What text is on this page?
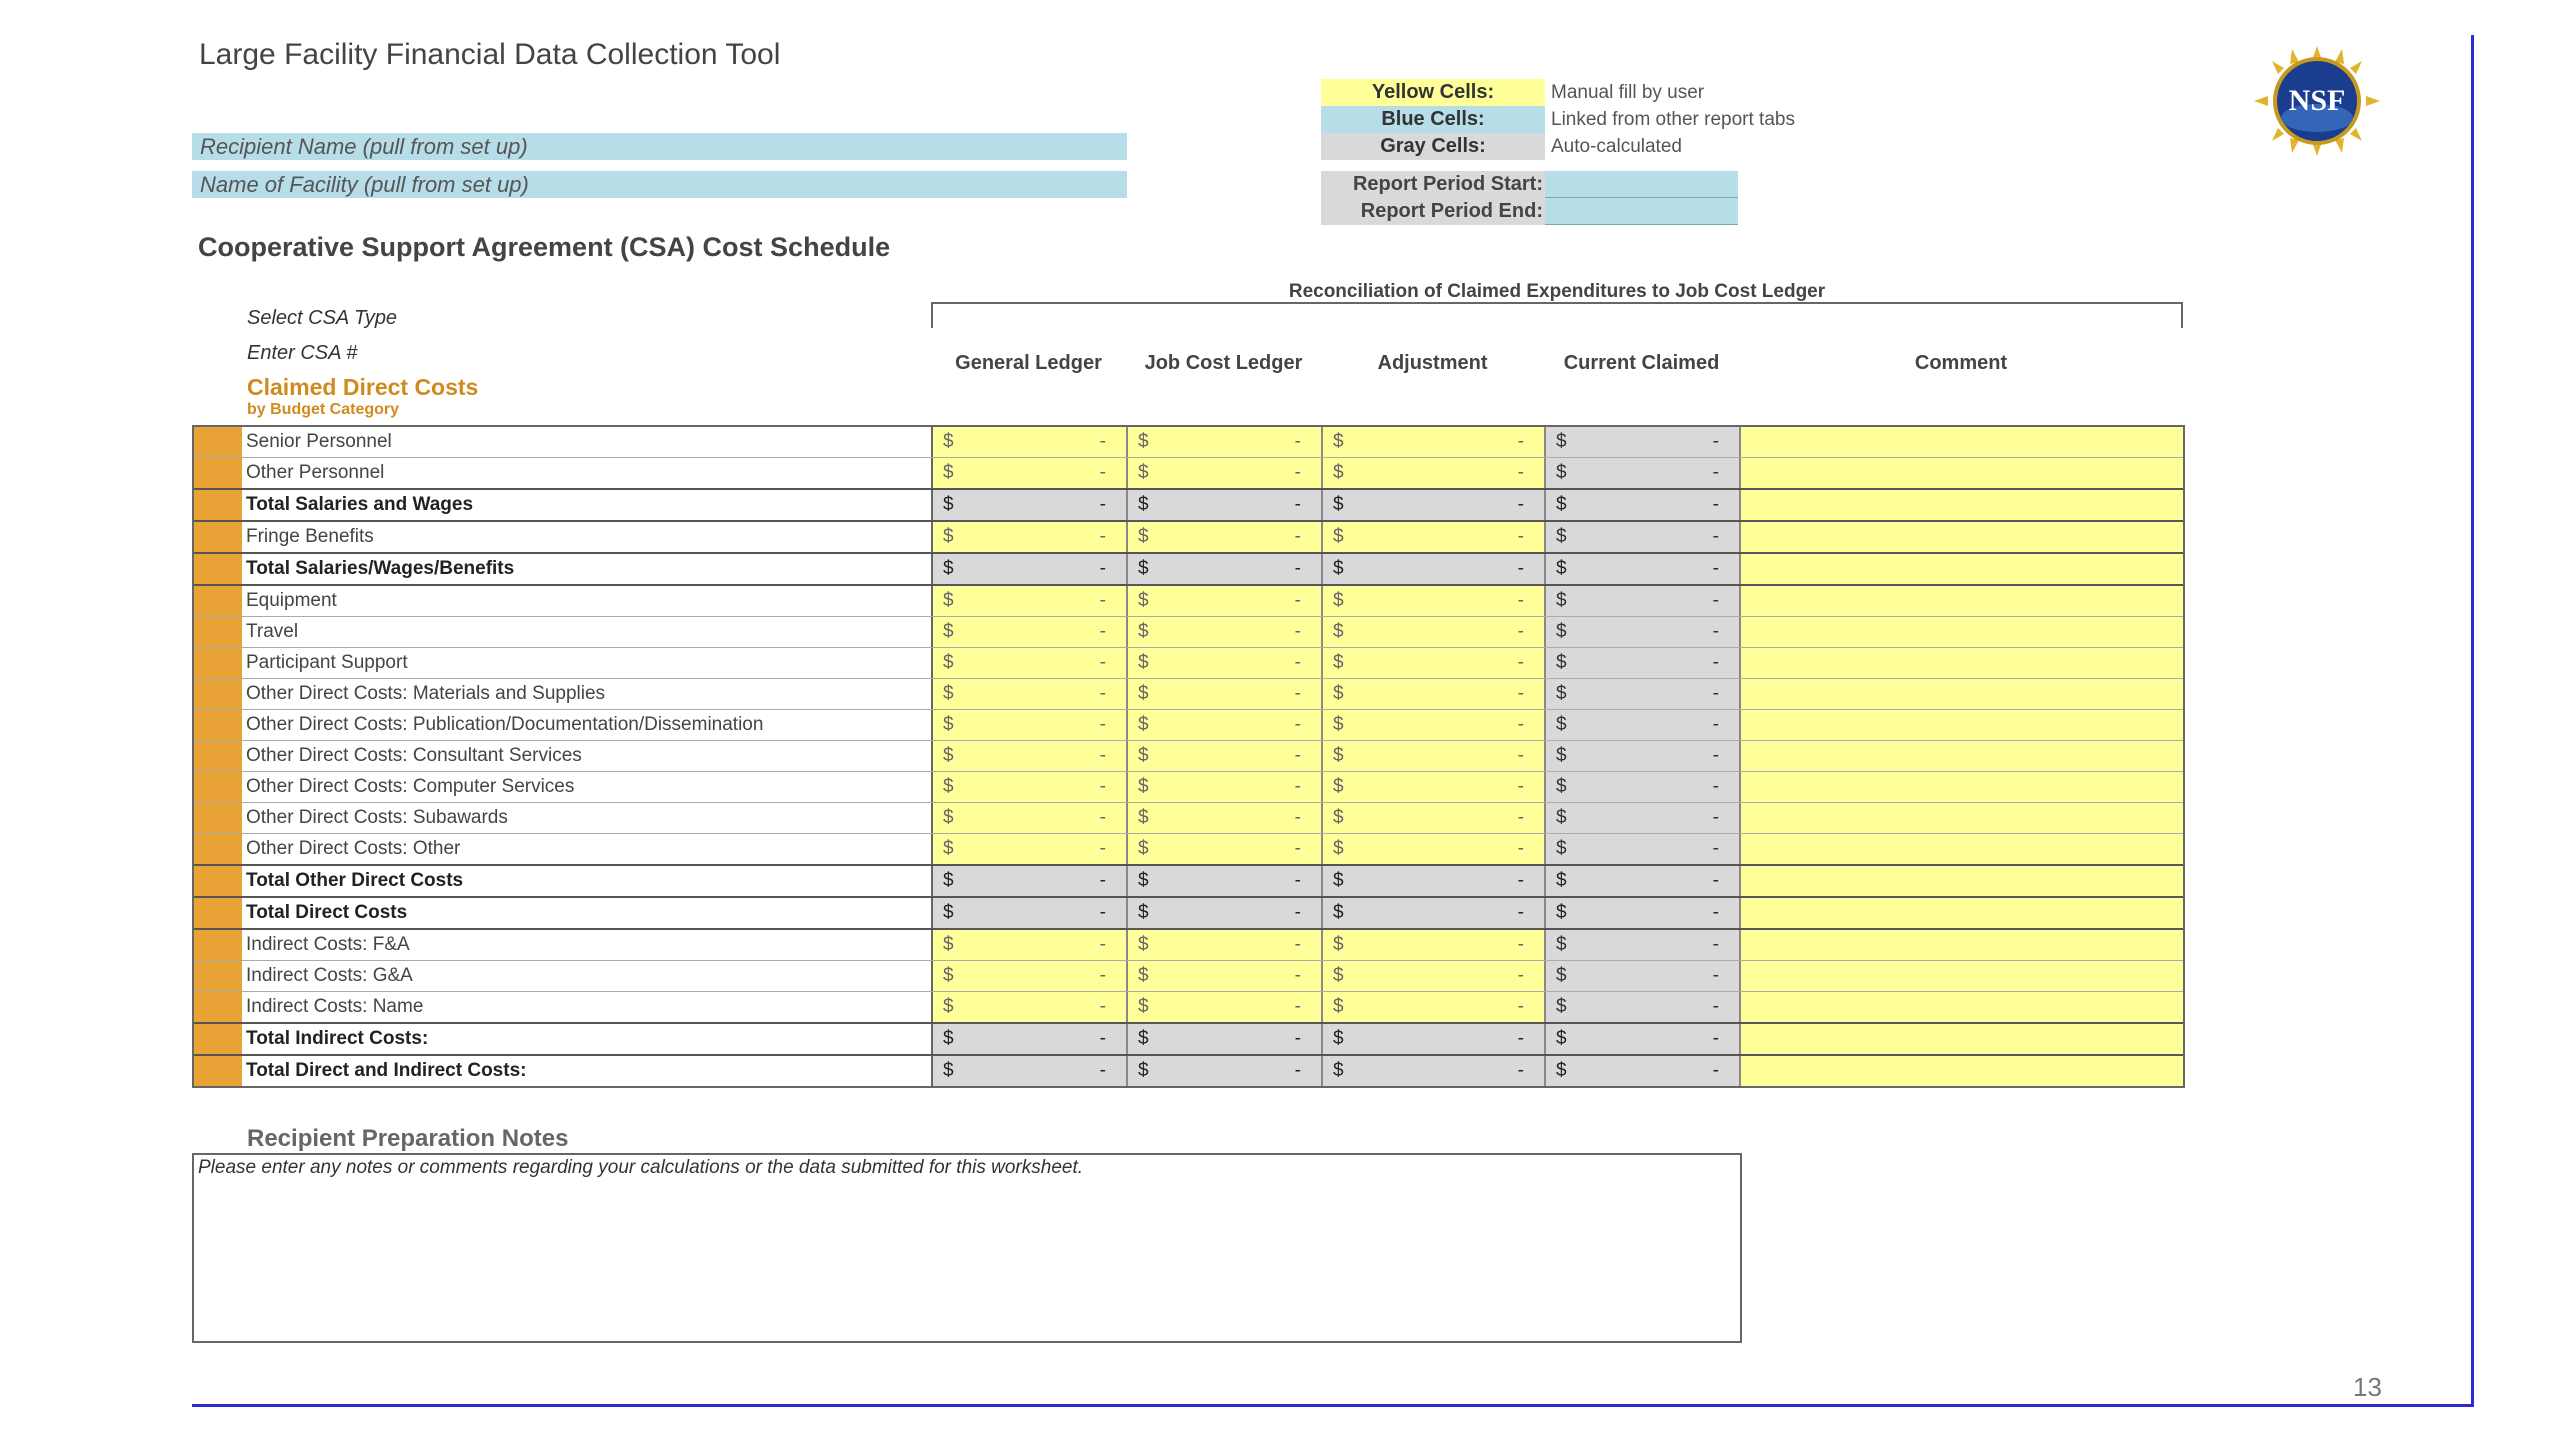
Large Facility Financial Data Collection Tool
Recipient Name (pull from set up)
Name of Facility (pull from set up)
Yellow Cells:	Manual fill by user
Blue Cells:	Linked from other report tabs
Gray Cells:	Auto-calculated
Report Period Start:
Report Period End:
NSF
Cooperative Support Agreement (CSA) Cost Schedule
Reconciliation of Claimed Expenditures to Job Cost Ledger
Select CSA Type
Enter CSA #
Claimed Direct Costs
by Budget Category
General Ledger	Job Cost Ledger	Adjustment	Current Claimed	Comment
Senior Personnel	$	-	$	-	$	-	$	-
Other Personnel	$	-	$	-	$	-	$	-
Total Salaries and Wages	$	-	$	-	$	-	$	-
Fringe Benefits	$	-	$	-	$	-	$	-
Total Salaries/Wages/Benefits	$	-	$	-	$	-	$	-
Equipment	$	-	$	-	$	-	$	-
Travel	$	-	$	-	$	-	$	-
Participant Support	$	-	$	-	$	-	$	-
Other Direct Costs: Materials and Supplies	$	-	$	-	$	-	$	-
Other Direct Costs: Publication/Documentation/Dissemination	$	-	$	-	$	-	$	-
Other Direct Costs: Consultant Services	$	-	$	-	$	-	$	-
Other Direct Costs: Computer Services	$	-	$	-	$	-	$	-
Other Direct Costs: Subawards	$	-	$	-	$	-	$	-
Other Direct Costs: Other	$	-	$	-	$	-	$	-
Total Other Direct Costs	$	-	$	-	$	-	$	-
Total Direct Costs	$	-	$	-	$	-	$	-
Indirect Costs: F&A	$	-	$	-	$	-	$	-
Indirect Costs: G&A	$	-	$	-	$	-	$	-
Indirect Costs: Name	$	-	$	-	$	-	$	-
Total Indirect Costs:	$	-	$	-	$	-	$	-
Total Direct and Indirect Costs:	$	-	$	-	$	-	$	-
Recipient Preparation Notes
Please enter any notes or comments regarding your calculations or the data submitted for this worksheet.
13
